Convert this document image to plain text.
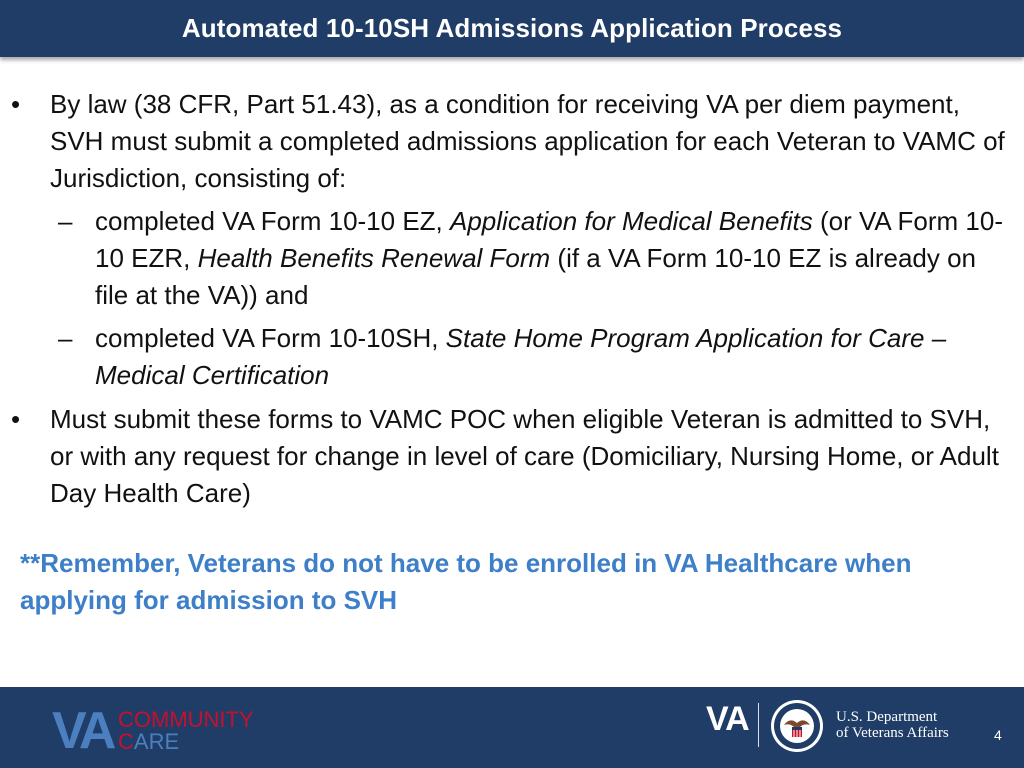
Automated 10-10SH Admissions Application Process
• By law (38 CFR, Part 51.43), as a condition for receiving VA per diem payment, SVH must submit a completed admissions application for each Veteran to VAMC of Jurisdiction, consisting of:
– completed VA Form 10-10 EZ, Application for Medical Benefits (or VA Form 10-10 EZR, Health Benefits Renewal Form (if a VA Form 10-10 EZ is already on file at the VA)) and
– completed VA Form 10-10SH, State Home Program Application for Care – Medical Certification
• Must submit these forms to VAMC POC when eligible Veteran is admitted to SVH, or with any request for change in level of care (Domiciliary, Nursing Home, or Adult Day Health Care)
**Remember, Veterans do not have to be enrolled in VA Healthcare when applying for admission to SVH
VA COMMUNITY
CARE
VA	U.S. Department
of Veterans Affairs	4
